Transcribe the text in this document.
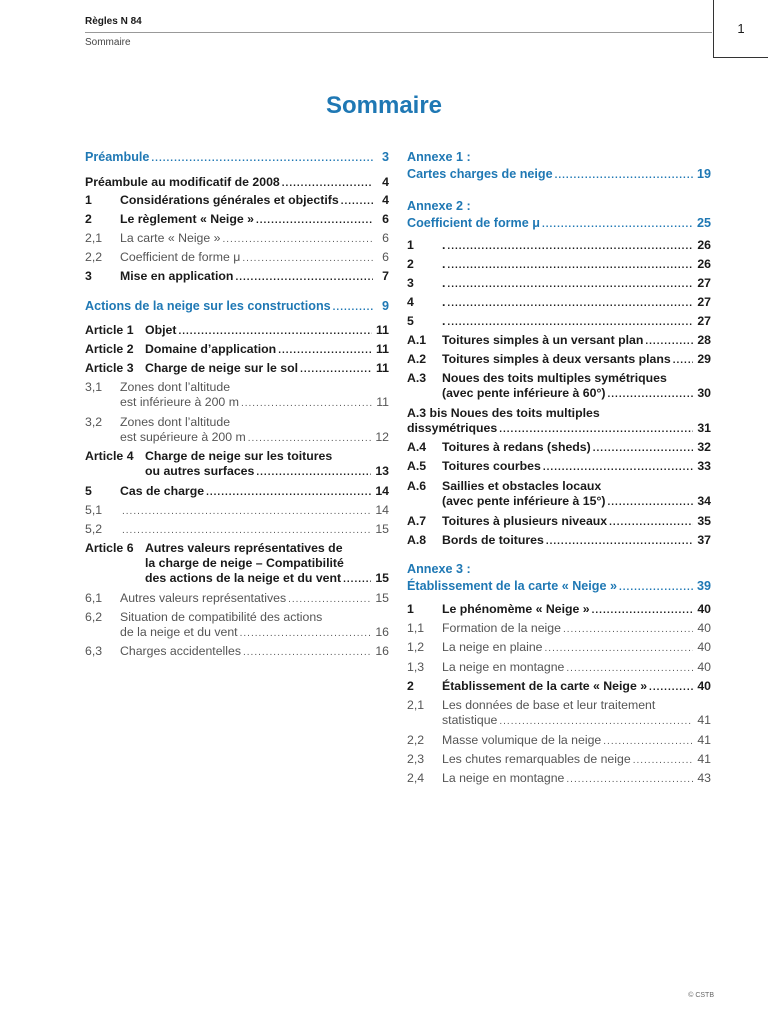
Règles N 84
Sommaire
1
Sommaire
Préambule .....	3
Préambule au modificatif de 2008 .....	4
1	Considérations générales et objectifs .....	4
2	Le règlement « Neige » .....	6
2,1	La carte « Neige » .....	6
2,2	Coefficient de forme μ .....	6
3	Mise en application .....	7
Actions de la neige sur les constructions .....	9
Article 1 Objet .....	11
Article 2 Domaine d’application .....	11
Article 3 Charge de neige sur le sol .....	11
3,1	Zones dont l’altitude
est inférieure à 200 m .....	11
3,2	Zones dont l’altitude
est supérieure à 200 m .....	12
Article 4 Charge de neige sur les toitures
ou autres surfaces .....	13
5	Cas de charge .....	14
5,1 .....	14
5,2 .....	15
Article 6 Autres valeurs représentatives de
la charge de neige – Compatibilité
des actions de la neige et du vent .....	15
6,1	Autres valeurs représentatives .....	15
6,2	Situation de compatibilité des actions
de la neige et du vent .....	16
6,3	Charges accidentelles .....	16
Annexe 1 :
Cartes charges de neige .....	19
Annexe 2 :
Coefficient de forme μ .....	25
1	. .....	26
2	. .....	26
3	. .....	27
4	. .....	27
5	. .....	27
A.1	Toitures simples à un versant plan .....	28
A.2	Toitures simples à deux versants plans ..... 29
A.3	Noues des toits multiples symétriques
(avec pente inférieure à 60°) .....	30
A.3 bis Noues des toits multiples
dissymétriques .....	31
A.4	Toitures à redans (sheds) .....	32
A.5	Toitures courbes .....	33
A.6	Saillies et obstacles locaux
(avec pente inférieure à 15°) .....	34
A.7	Toitures à plusieurs niveaux .....	35
A.8	Bords de toitures .....	37
Annexe 3 :
Établissement de la carte « Neige » .....	39
1	Le phénomème « Neige » .....	40
1,1	Formation de la neige .....	40
1,2	La neige en plaine .....	40
1,3	La neige en montagne .....	40
2	Établissement de la carte « Neige » .....	40
2,1	Les données de base et leur traitement
statistique .....	41
2,2	Masse volumique de la neige .....	41
2,3	Les chutes remarquables de neige .....	41
2,4	La neige en montagne .....	43
© CSTB
